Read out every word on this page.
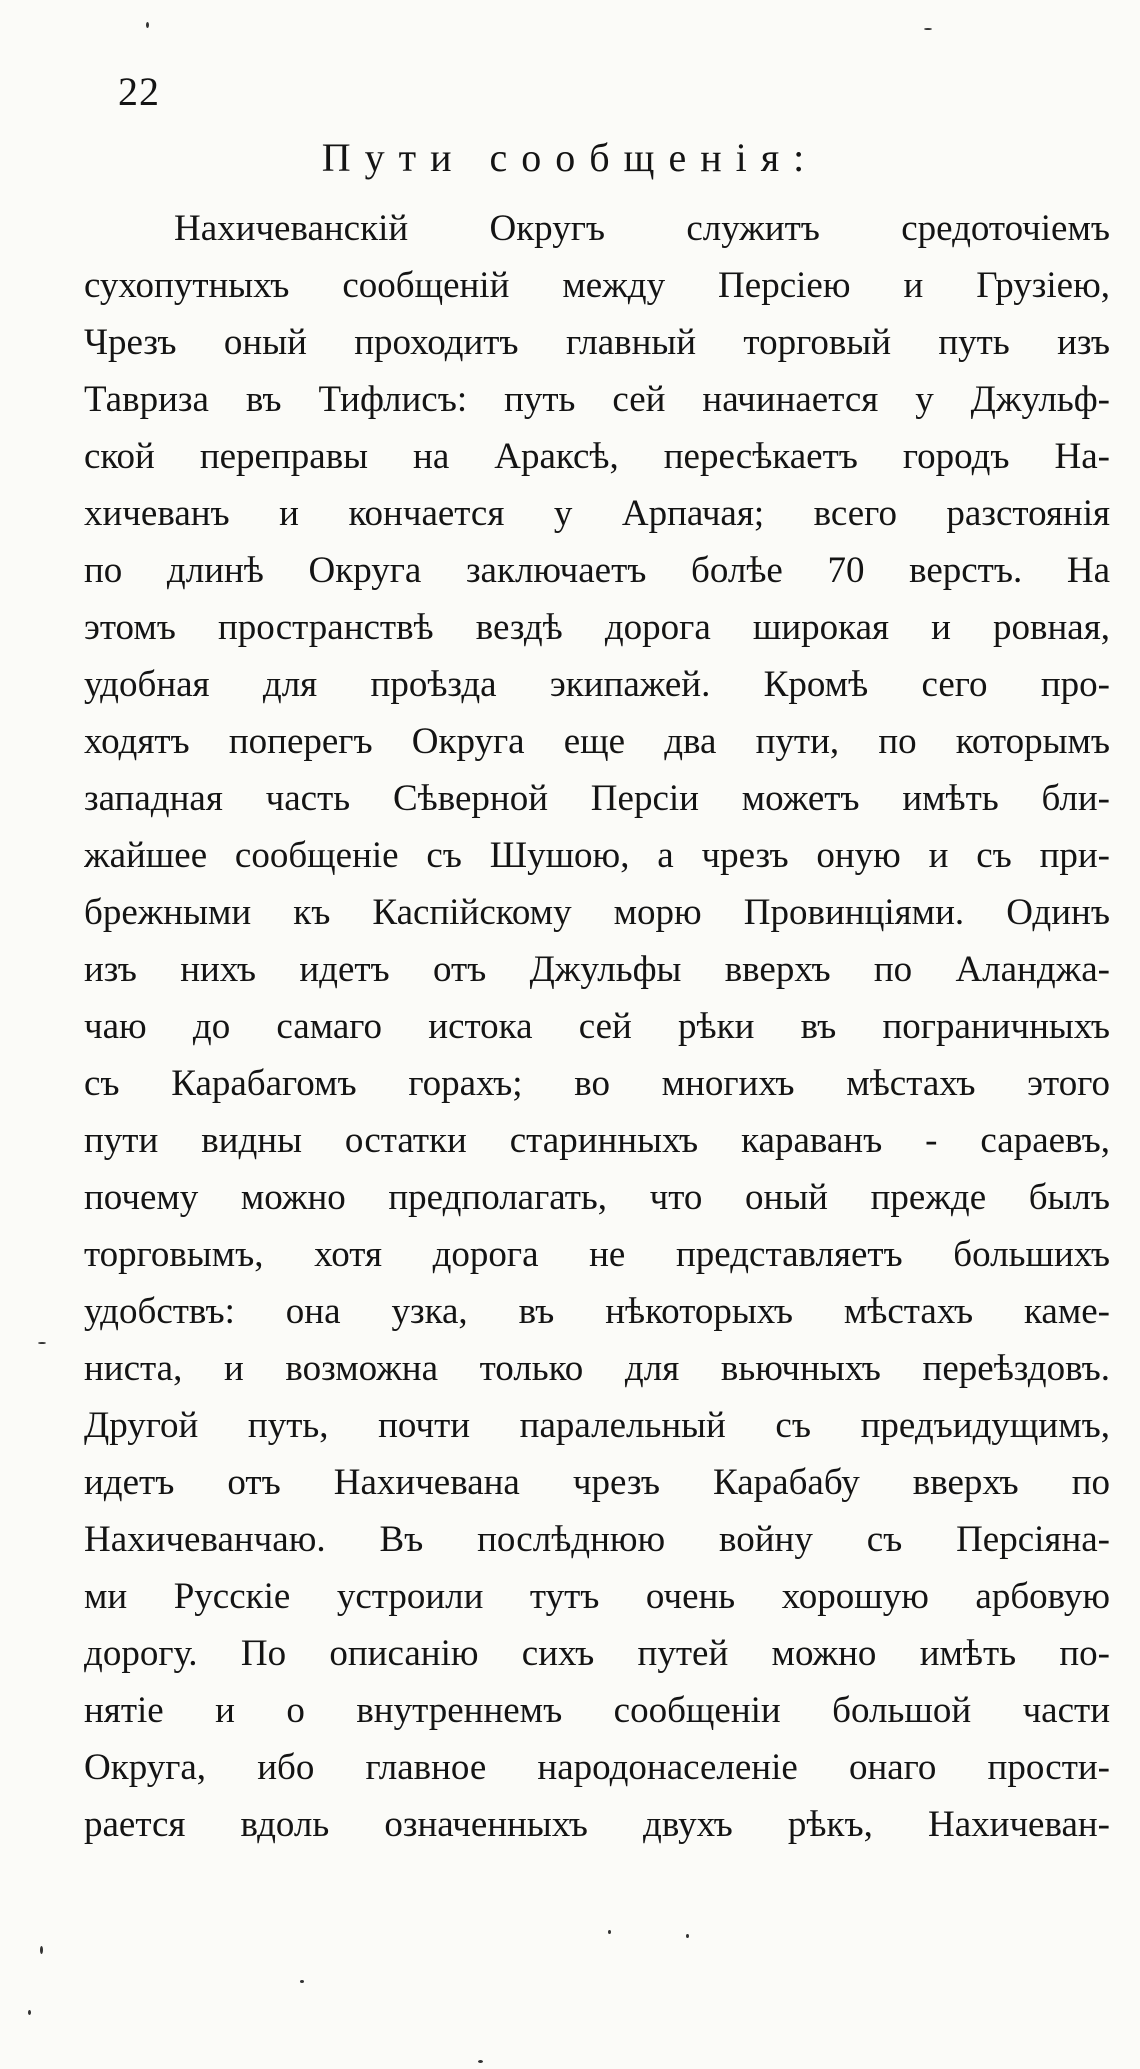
22
Пути сообщенія:
Нахичеванскій Округъ служитъ средоточіемъ
сухопутныхъ сообщеній между Персіею и Грузіею,
Чрезъ оный проходитъ главный торговый путь изъ
Тавриза въ Тифлисъ: путь сей начинается у Джульф-
ской переправы на Араксѣ, пересѣкаетъ городъ На-
хичеванъ и кончается у Арпачая; всего разстоянія
по длинѣ Округа заключаетъ болѣе 70 верстъ. На
этомъ пространствѣ вездѣ дорога широкая и ровная,
удобная для проѣзда экипажей. Кромѣ сего про-
ходятъ поперегъ Округа еще два пути, по которымъ
западная часть Сѣверной Персіи можетъ имѣть бли-
жайшее сообщеніе съ Шушою, а чрезъ оную и съ при-
брежными къ Каспійскому морю Провинціями. Одинъ
изъ нихъ идетъ отъ Джульфы вверхъ по Аланджа-
чаю до самаго истока сей рѣки въ пограничныхъ
съ Карабагомъ горахъ; во многихъ мѣстахъ этого
пути видны остатки старинныхъ караванъ - сараевъ,
почему можно предполагать, что оный прежде былъ
торговымъ, хотя дорога не представляетъ большихъ
удобствъ: она узка, въ нѣкоторыхъ мѣстахъ каме-
ниста, и возможна только для вьючныхъ переѣздовъ.
Другой путь, почти паралельный съ предъидущимъ,
идетъ отъ Нахичевана чрезъ Карабабу вверхъ по
Нахичеванчаю. Въ послѣднюю войну съ Персіяна-
ми Русскіе устроили тутъ очень хорошую арбовую
дорогу. По описанію сихъ путей можно имѣть по-
нятіе и о внутреннемъ сообщеніи большой части
Округа, ибо главное народонаселеніе онаго прости-
рается вдоль означенныхъ двухъ рѣкъ, Нахичеван-
